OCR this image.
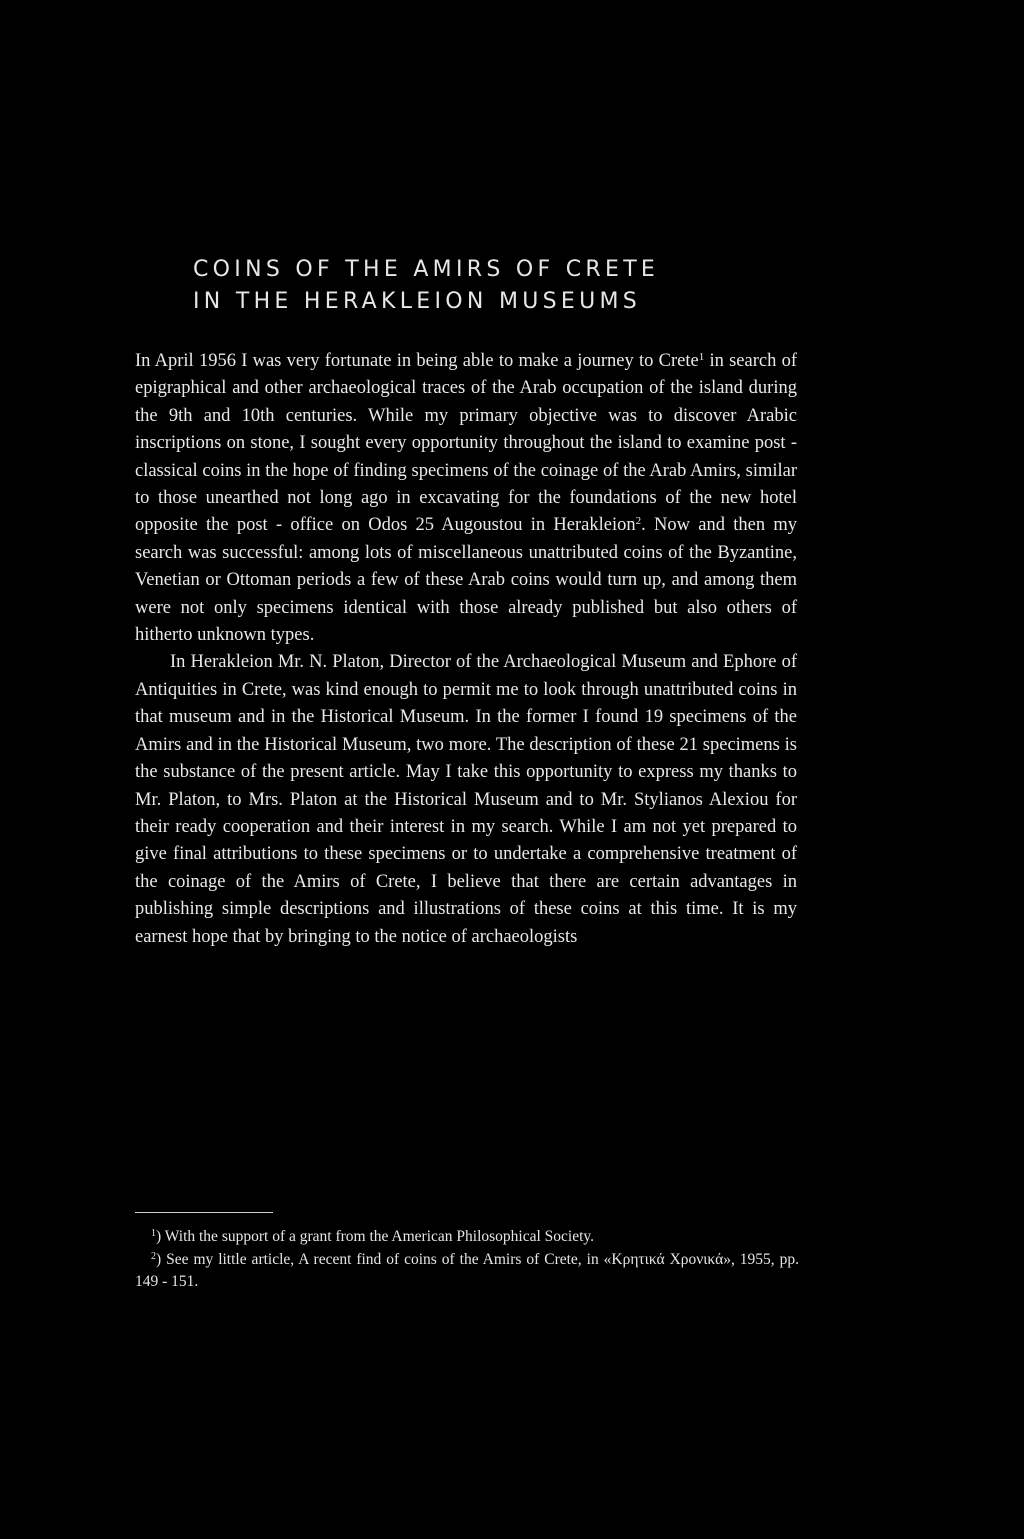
COINS OF THE AMIRS OF CRETE
IN THE HERAKLEION MUSEUMS

In April 1956 I was very fortunate in being able to make a journey to Crete$^1$ in search of epigraphical and other archaeological traces of the Arab occupation of the island during the 9th and 10th centuries. While my primary objective was to discover Arabic inscriptions on stone, I sought every opportunity throughout the island to examine post - classical coins in the hope of finding specimens of the coinage of the Arab Amirs, similar to those unearthed not long ago in excavating for the foundations of the new hotel opposite the post - office on Odos 25 Augoustou in Herakleion$^2$. Now and then my search was successful: among lots of miscellaneous unattributed coins of the Byzantine, Venetian or Ottoman periods a few of these Arab coins would turn up, and among them were not only specimens identical with those already published but also others of hitherto unknown types.

In Herakleion Mr. N. Platon, Director of the Archaeological Museum and Ephore of Antiquities in Crete, was kind enough to permit me to look through unattributed coins in that museum and in the Historical Museum. In the former I found 19 specimens of the Amirs and in the Historical Museum, two more. The description of these 21 specimens is the substance of the present article. May I take this opportunity to express my thanks to Mr. Platon, to Mrs. Platon at the Historical Museum and to Mr. Stylianos Alexiou for their ready cooperation and their interest in my search. While I am not yet prepared to give final attributions to these specimens or to undertake a comprehensive treatment of the coinage of the Amirs of Crete, I believe that there are certain advantages in publishing simple descriptions and illustrations of these coins at this time. It is my earnest hope that by bringing to the notice of archaeologists

$^1$) With the support of a grant from the American Philosophical Society.

$^2$) See my little article, A recent find of coins of the Amirs of Crete, in «Κρητικά Χρονικά», 1955, pp. 149 - 151.
